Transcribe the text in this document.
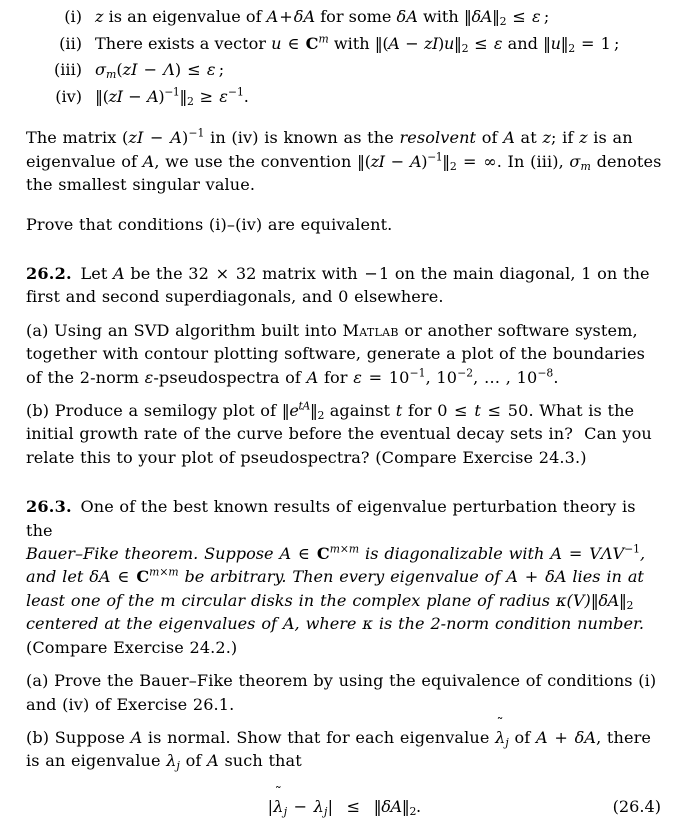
(i) z is an eigenvalue of A+δA for some δA with $‖\delta A‖_2 \le \varepsilon$ ;
(ii) There exists a vector u ∈ $C^m$ with ‖(A − $zI)u‖_2 \le \varepsilon$ and $‖u‖_2 = 1$ ;
(iii) $\sigma_m(zI - \Lambda) \le \varepsilon$ ;
(iv) ‖(zI − $A)^{-1}‖_2 \ge \varepsilon^{-1}$.

The matrix (zI − A)$^{-1}$ in (iv) is known as the resolvent of A at z; if z is an eigenvalue of A, we use the convention ‖(zI − $A)^{-1}‖_2$ = ∞. In (iii), $\sigma_m$ denotes the smallest singular value.

Prove that conditions (i)–(iv) are equivalent.

26.2. Let A be the 32 × 32 matrix with −1 on the main diagonal, 1 on the first and second superdiagonals, and 0 elsewhere.

(a) Using an SVD algorithm built into Matlab or another software system, together with contour plotting software, generate a plot of the boundaries of the 2-norm ε-pseudospectra of A for $\varepsilon = 10^{-1}$, $10^{-2}$, … , $10^{-8}$.

(b) Produce a semilogy plot of $‖e^{tA}‖_2$ against t for 0 ≤ t ≤ 50. What is the initial growth rate of the curve before the eventual decay sets in?  Can you relate this to your plot of pseudospectra? (Compare Exercise 24.3.)

26.3. One of the best known results of eigenvalue perturbation theory is the

Bauer–Fike theorem. Suppose A ∈ $C^{m\times m}$ is diagonalizable with $A = V\Lambda V^{-1}$, and let δA ∈ $C^{m\times m}$ be arbitrary. Then every eigenvalue of A + δA lies in at least one of the m circular disks in the complex plane of radius $\kappa(V)‖\delta A‖_2$ centered at the eigenvalues of A, where κ is the 2-norm condition number.

(Compare Exercise 24.2.)

(a) Prove the Bauer–Fike theorem by using the equivalence of conditions (i) and (iv) of Exercise 26.1.

(b) Suppose A is normal. Show that for each eigenvalue
˜
$\lambda_j$ of A + δA, there is an eigenvalue $\lambda_j$ of A such that

|
˜
$\lambda_j - \lambda_j|$ ≤ $‖\delta A‖_2$.	(26.4)
